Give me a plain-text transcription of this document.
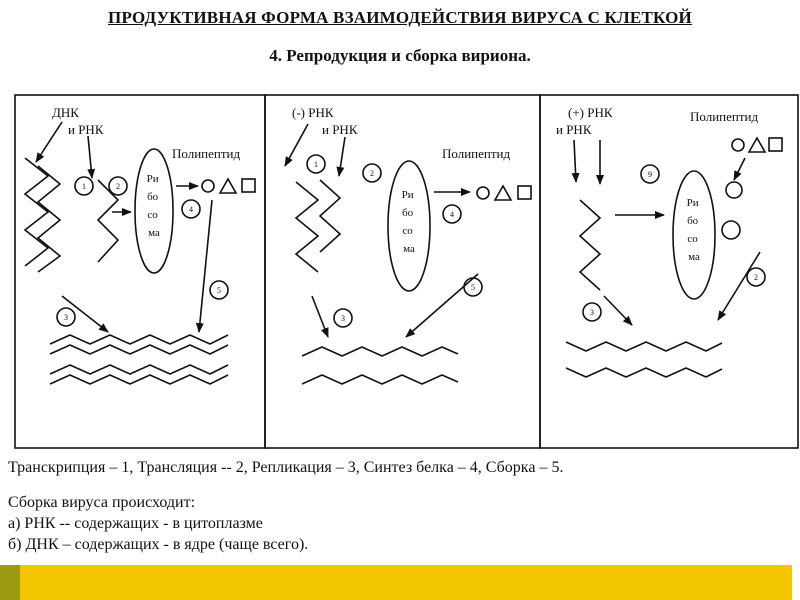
ПРОДУКТИВНАЯ ФОРМА ВЗАИМОДЕЙСТВИЯ ВИРУСА С КЛЕТКОЙ
4. Репродукция и сборка вириона.
ДНК
и РНК
Полипептид
Ри бо со ма
1	2
4
5
3
(-) РНК
и РНК
Полипептид
Ри бо со ма
1
2
4
5
3
(+) РНК
и РНК
Полипептид
Ри бо со ма
9
2
3
Транскрипция – 1, Трансляция -- 2, Репликация – 3, Синтез белка – 4, Сборка – 5.
Сборка вируса происходит:
а) РНК -- содержащих - в цитоплазме
б) ДНК – содержащих - в ядре (чаще всего).
